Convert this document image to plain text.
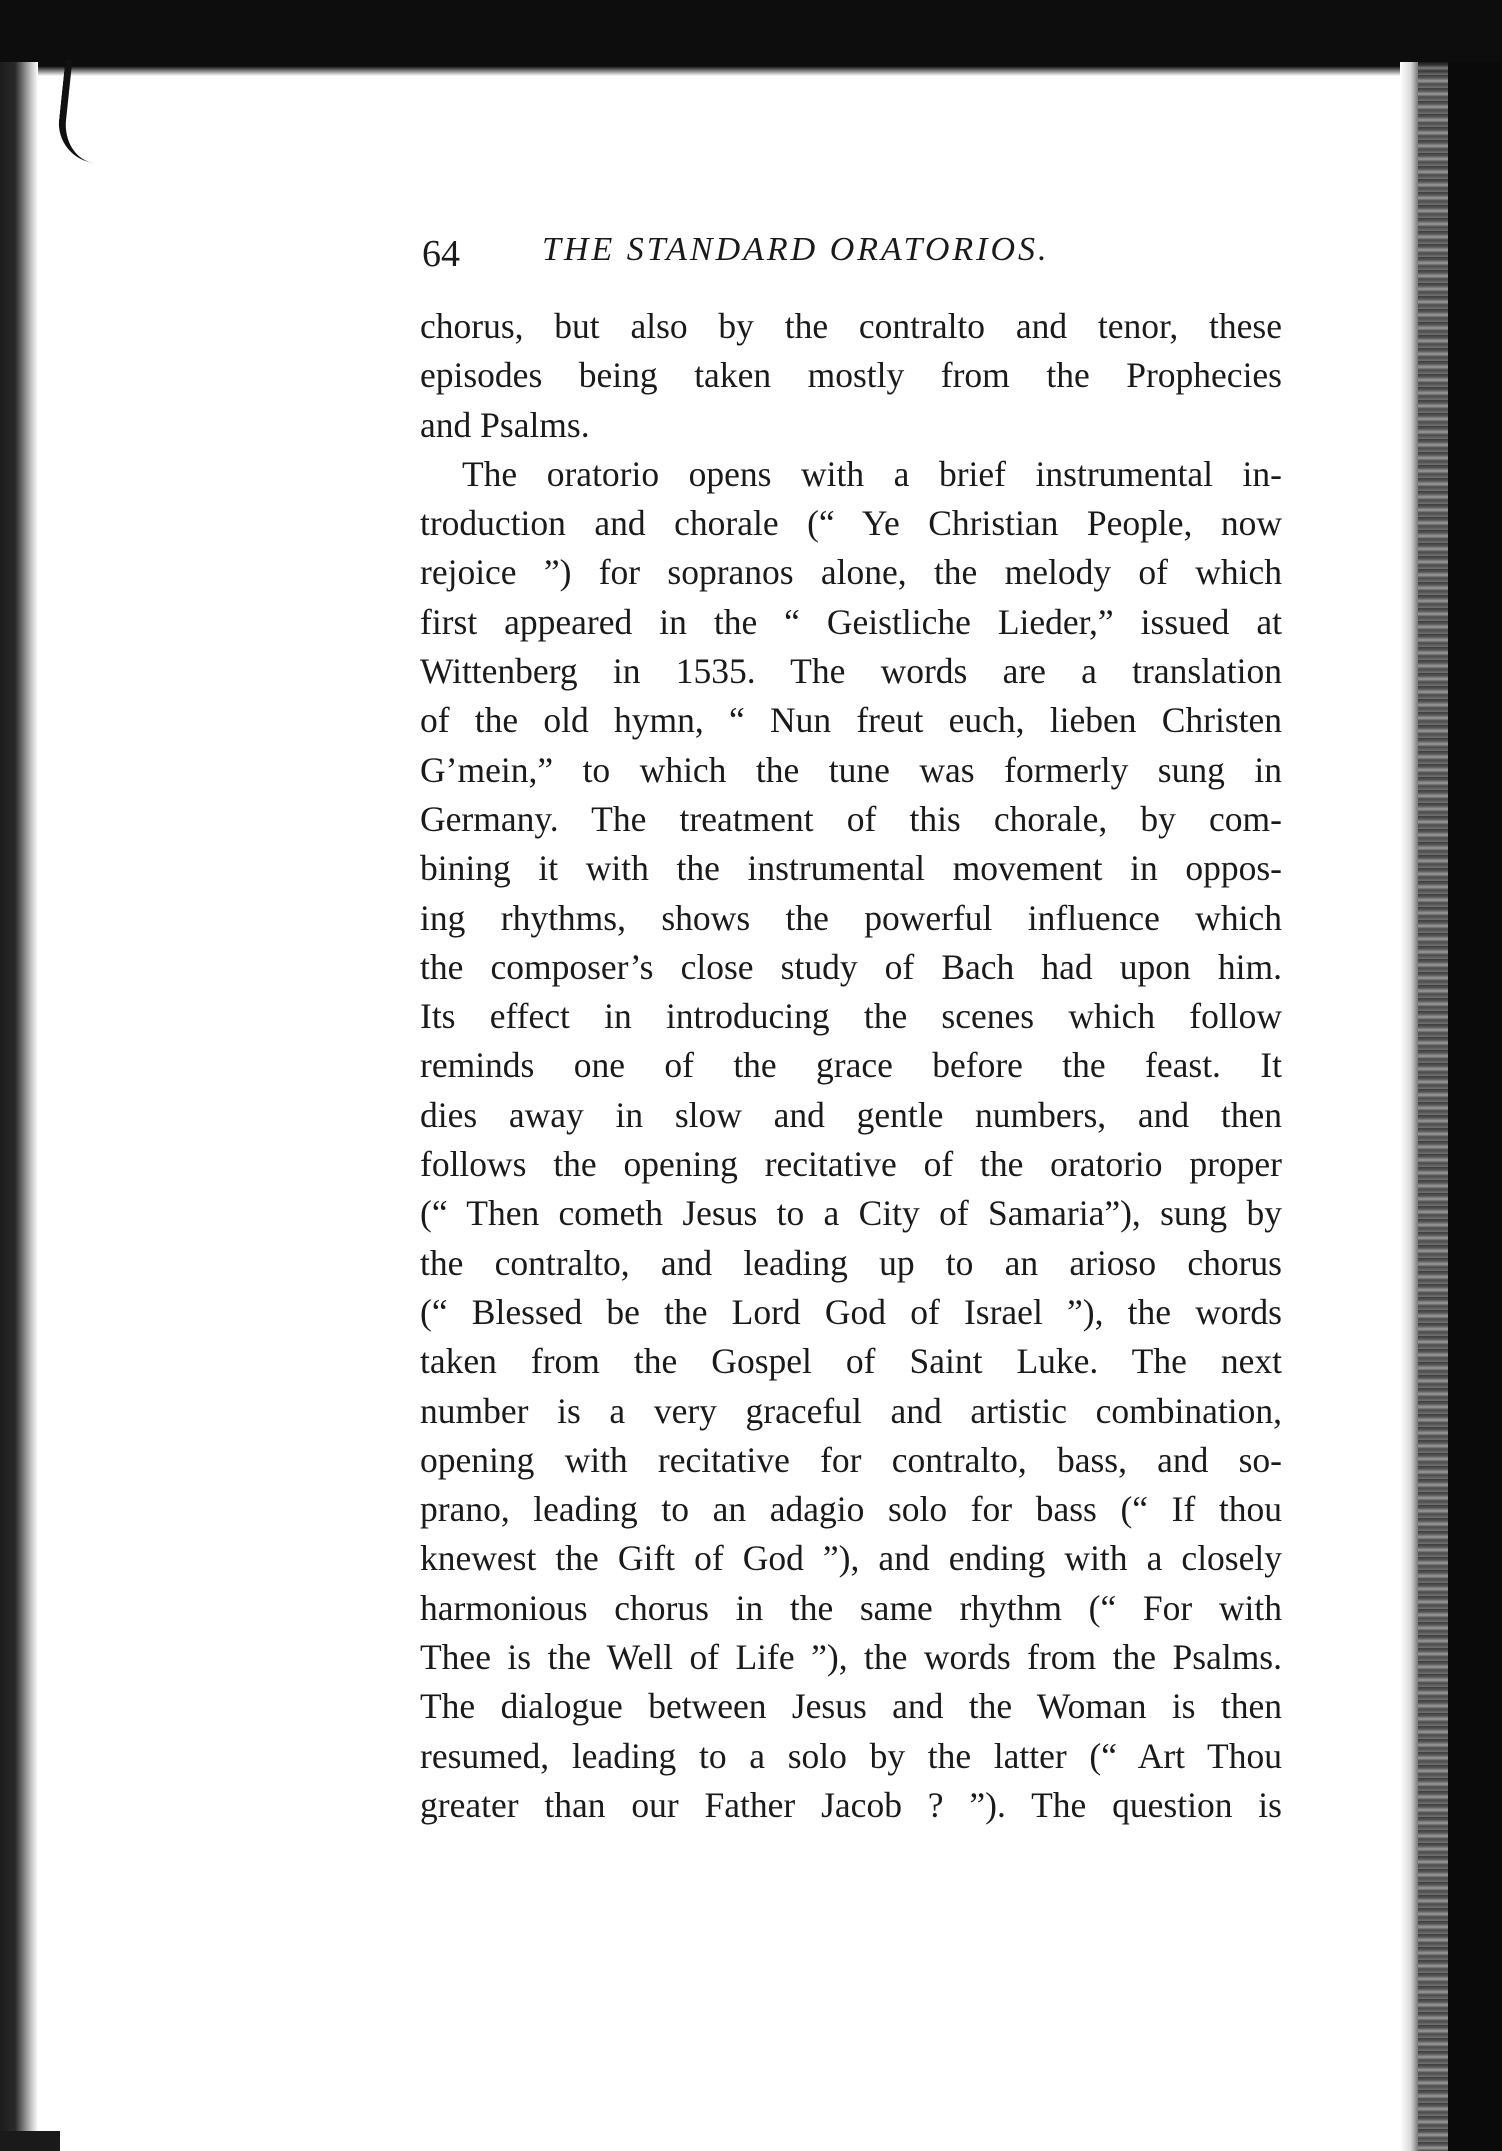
64 THE STANDARD ORATORIOS.
chorus, but also by the contralto and tenor, these
episodes being taken mostly from the Prophecies
and Psalms.
The oratorio opens with a brief instrumental in-
troduction and chorale (“ Ye Christian People, now
rejoice ”) for sopranos alone, the melody of which
first appeared in the “ Geistliche Lieder,” issued at
Wittenberg in 1535. The words are a translation
of the old hymn, “ Nun freut euch, lieben Christen
G’mein,” to which the tune was formerly sung in
Germany. The treatment of this chorale, by com-
bining it with the instrumental movement in oppos-
ing rhythms, shows the powerful influence which
the composer’s close study of Bach had upon him.
Its effect in introducing the scenes which follow
reminds one of the grace before the feast. It
dies away in slow and gentle numbers, and then
follows the opening recitative of the oratorio proper
(“ Then cometh Jesus to a City of Samaria”), sung by
the contralto, and leading up to an arioso chorus
(“ Blessed be the Lord God of Israel ”), the words
taken from the Gospel of Saint Luke. The next
number is a very graceful and artistic combination,
opening with recitative for contralto, bass, and so-
prano, leading to an adagio solo for bass (“ If thou
knewest the Gift of God ”), and ending with a closely
harmonious chorus in the same rhythm (“ For with
Thee is the Well of Life ”), the words from the Psalms.
The dialogue between Jesus and the Woman is then
resumed, leading to a solo by the latter (“ Art Thou
greater than our Father Jacob ? ”). The question is
